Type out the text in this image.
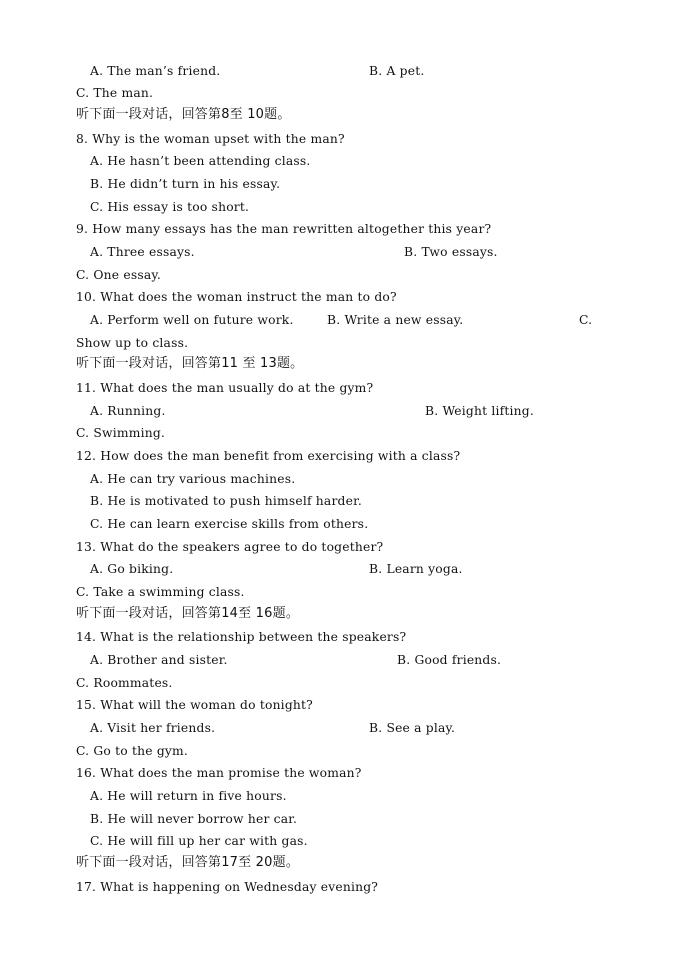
A. The man’s friend.	B. A pet.
C. The man.
听下面一段对话，回答第8至 10题。
8. Why is the woman upset with the man?
A. He hasn’t been attending class.
B. He didn’t turn in his essay.
C. His essay is too short.
9. How many essays has the man rewritten altogether this year?
A. Three essays.	B. Two essays.
C. One essay.
10. What does the woman instruct the man to do?
A. Perform well on future work.	B. Write a new essay.	C.
Show up to class.
听下面一段对话，回答第11 至 13题。
11. What does the man usually do at the gym?
A. Running.	B. Weight lifting.
C. Swimming.
12. How does the man benefit from exercising with a class?
A. He can try various machines.
B. He is motivated to push himself harder.
C. He can learn exercise skills from others.
13. What do the speakers agree to do together?
A. Go biking.	B. Learn yoga.
C. Take a swimming class.
听下面一段对话，回答第14至 16题。
14. What is the relationship between the speakers?
A. Brother and sister.	B. Good friends.
C. Roommates.
15. What will the woman do tonight?
A. Visit her friends.	B. See a play.
C. Go to the gym.
16. What does the man promise the woman?
A. He will return in five hours.
B. He will never borrow her car.
C. He will fill up her car with gas.
听下面一段对话，回答第17至 20题。
17. What is happening on Wednesday evening?
